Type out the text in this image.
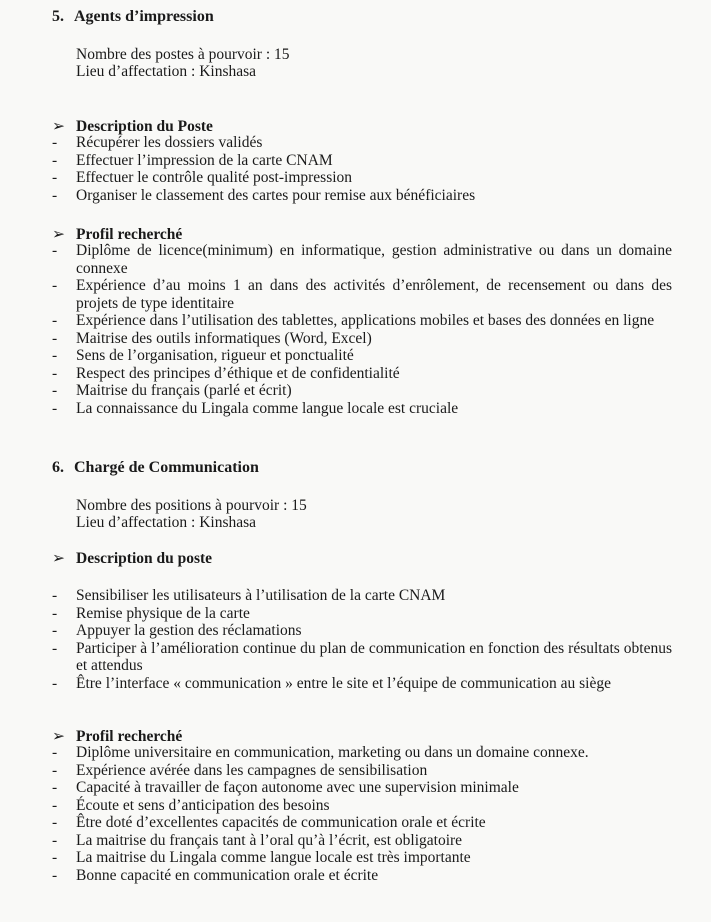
5. Agents d’impression
Nombre des postes à pourvoir : 15
Lieu d’affectation : Kinshasa
➢ Description du Poste
- Récupérer les dossiers validés
- Effectuer l’impression de la carte CNAM
- Effectuer le contrôle qualité post-impression
- Organiser le classement des cartes pour remise aux bénéficiaires
➢ Profil recherché
- Diplôme de licence(minimum) en informatique, gestion administrative ou dans un domaine connexe
- Expérience d’au moins 1 an dans des activités d’enrôlement, de recensement ou dans des projets de type identitaire
- Expérience dans l’utilisation des tablettes, applications mobiles et bases des données en ligne
- Maitrise des outils informatiques (Word, Excel)
- Sens de l’organisation, rigueur et ponctualité
- Respect des principes d’éthique et de confidentialité
- Maitrise du français (parlé et écrit)
- La connaissance du Lingala comme langue locale est cruciale
6. Chargé de Communication
Nombre des positions à pourvoir : 15
Lieu d’affectation : Kinshasa
➢ Description du poste
- Sensibiliser les utilisateurs à l’utilisation de la carte CNAM
- Remise physique de la carte
- Appuyer la gestion des réclamations
- Participer à l’amélioration continue du plan de communication en fonction des résultats obtenus et attendus
- Être l’interface « communication » entre le site et l’équipe de communication au siège
➢ Profil recherché
- Diplôme universitaire en communication, marketing ou dans un domaine connexe.
- Expérience avérée dans les campagnes de sensibilisation
- Capacité à travailler de façon autonome avec une supervision minimale
- Écoute et sens d’anticipation des besoins
- Être doté d’excellentes capacités de communication orale et écrite
- La maitrise du français tant à l’oral qu’à l’écrit, est obligatoire
- La maitrise du Lingala comme langue locale est très importante
- Bonne capacité en communication orale et écrite
